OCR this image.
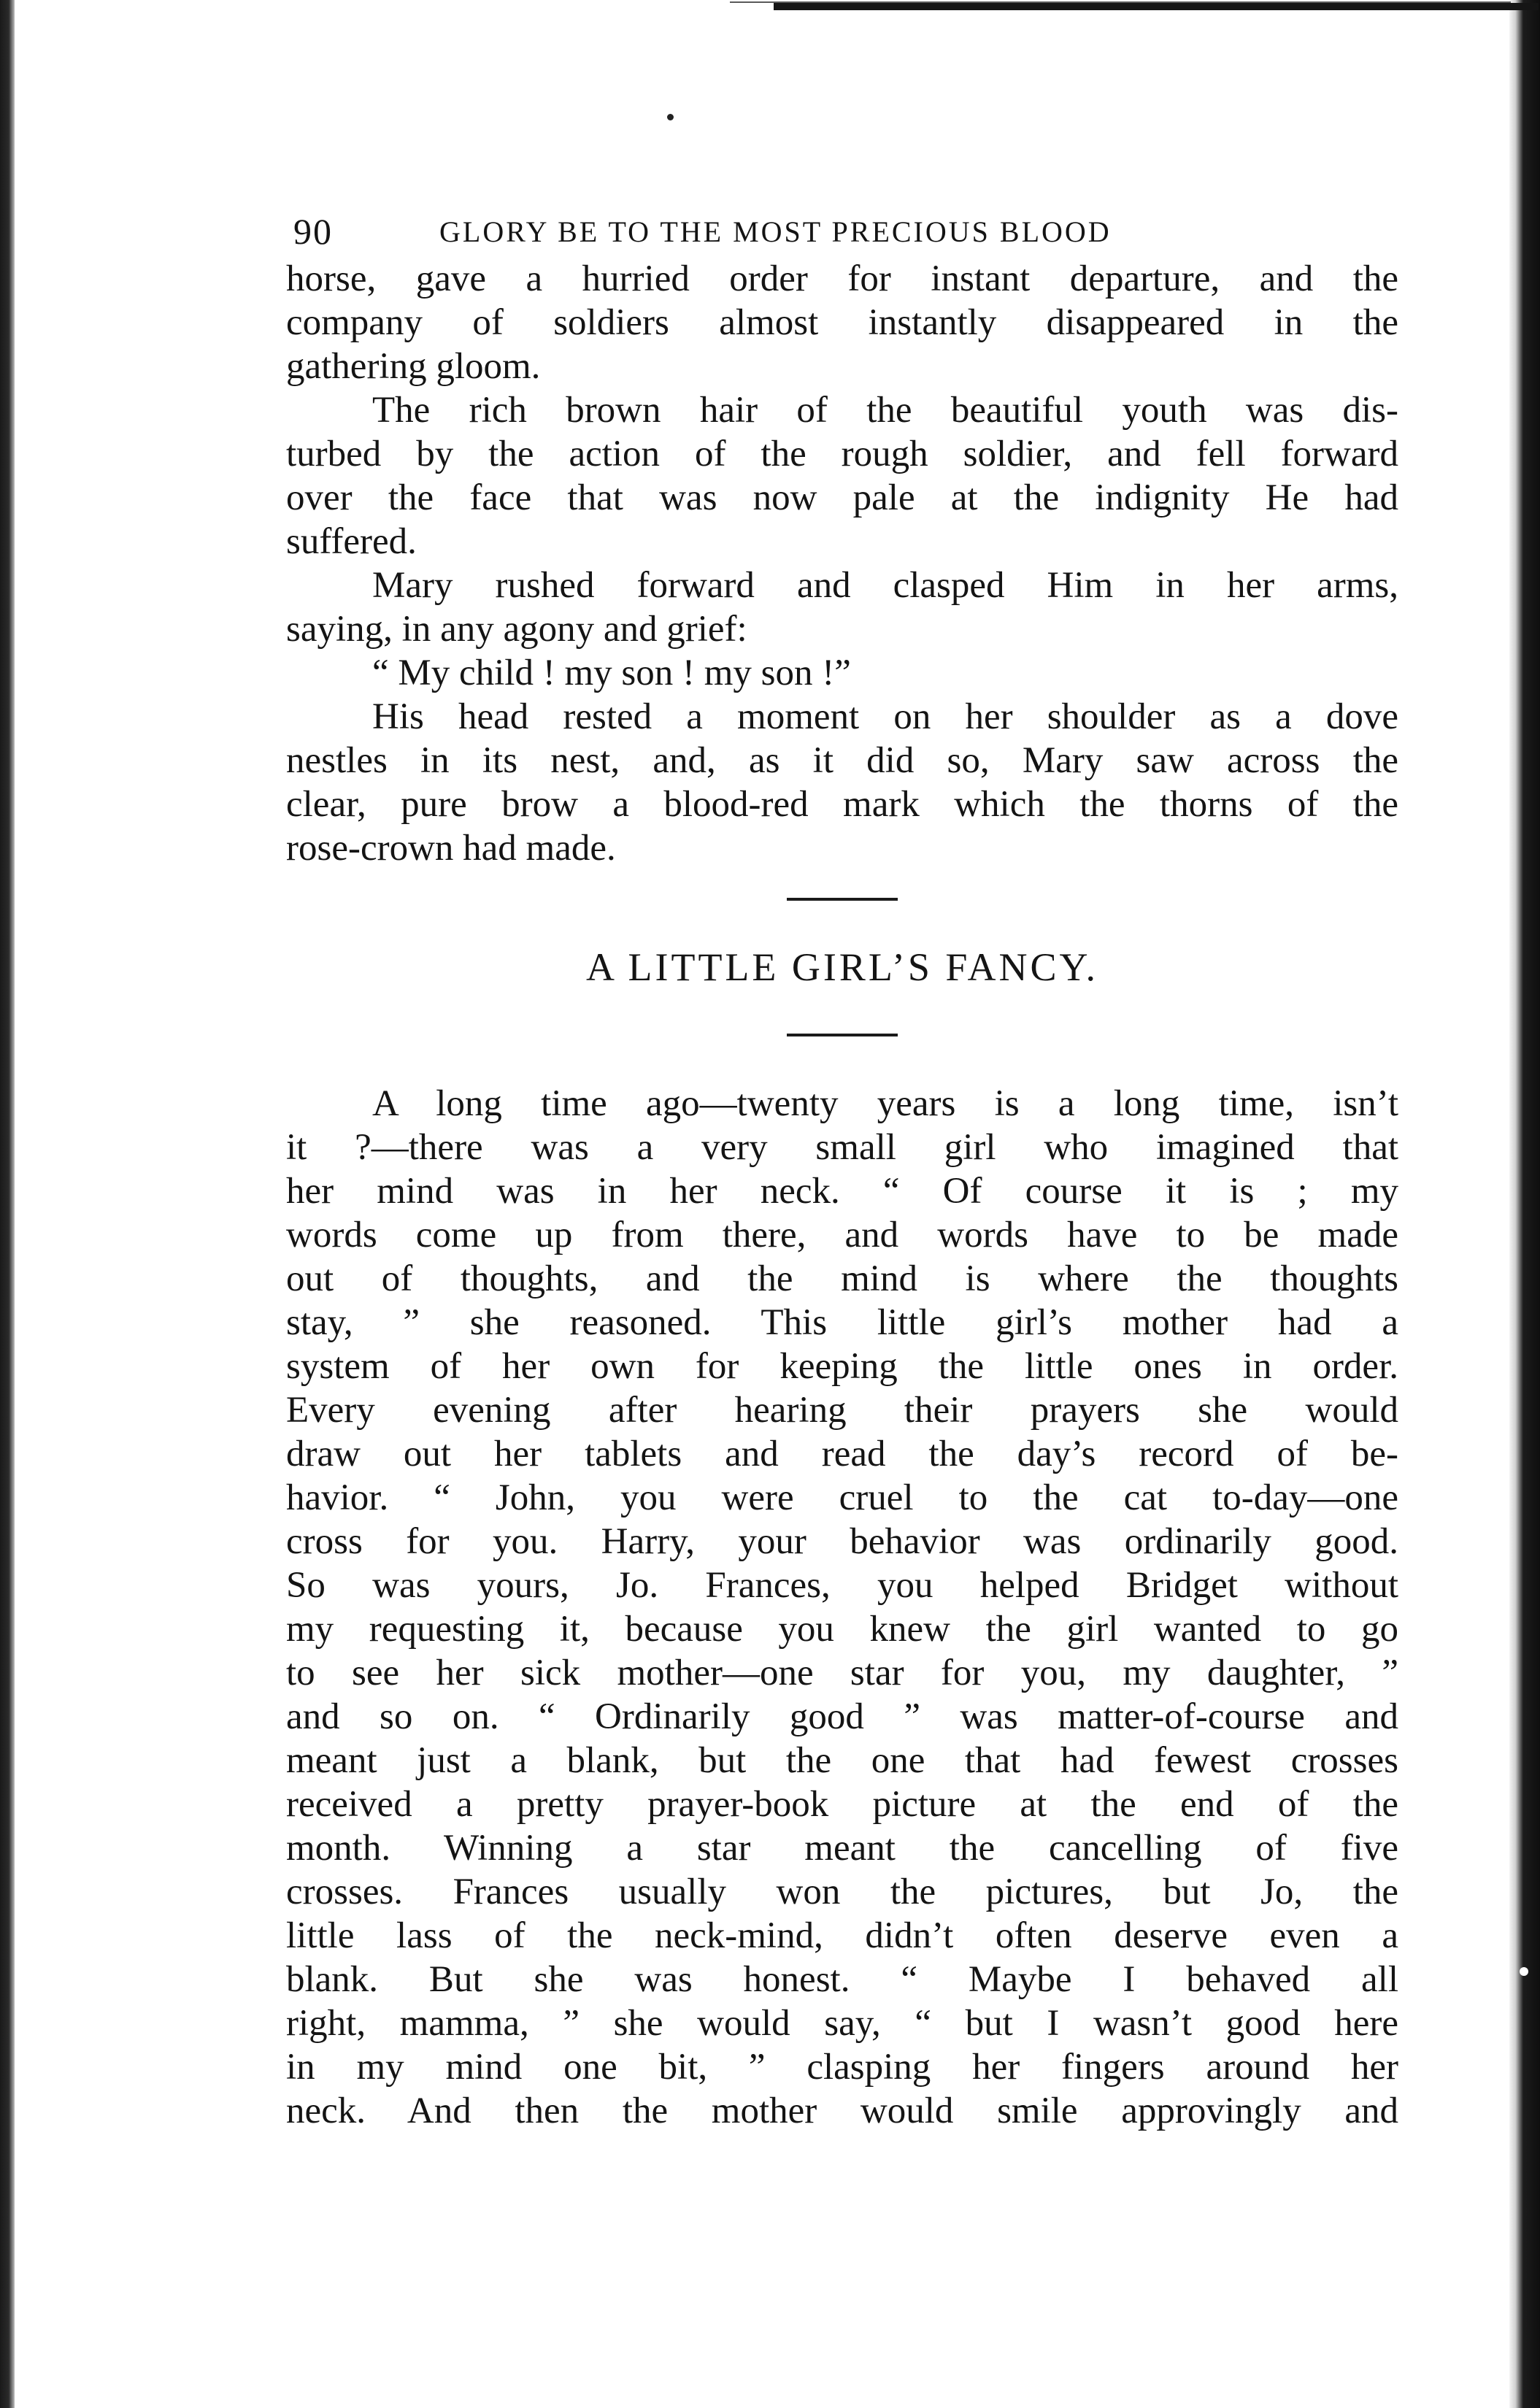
90	GLORY BE TO THE MOST PRECIOUS BLOOD

horse, gave a hurried order for instant departure, and the
company of soldiers almost instantly disappeared in the
gathering gloom.

The rich brown hair of the beautiful youth was dis-
turbed by the action of the rough soldier, and fell forward
over the face that was now pale at the indignity He had
suffered.

Mary rushed forward and clasped Him in her arms,
saying, in any agony and grief:

“ My child ! my son ! my son !”

His head rested a moment on her shoulder as a dove
nestles in its nest, and, as it did so, Mary saw across the
clear, pure brow a blood-red mark which the thorns of the
rose-crown had made.

A LITTLE GIRL’S FANCY.

A long time ago—twenty years is a long time, isn’t
it ?—there was a very small girl who imagined that
her mind was in her neck. “ Of course it is ; my
words come up from there, and words have to be made
out of thoughts, and the mind is where the thoughts
stay, ” she reasoned. This little girl’s mother had a
system of her own for keeping the little ones in order.
Every evening after hearing their prayers she would
draw out her tablets and read the day’s record of be-
havior. “ John, you were cruel to the cat to-day—one
cross for you. Harry, your behavior was ordinarily good.
So was yours, Jo. Frances, you helped Bridget without
my requesting it, because you knew the girl wanted to go
to see her sick mother—one star for you, my daughter, ”
and so on. “ Ordinarily good ” was matter-of-course and
meant just a blank, but the one that had fewest crosses
received a pretty prayer-book picture at the end of the
month. Winning a star meant the cancelling of five
crosses. Frances usually won the pictures, but Jo, the
little lass of the neck-mind, didn’t often deserve even a
blank. But she was honest. “ Maybe I behaved all
right, mamma, ” she would say, “ but I wasn’t good here
in my mind one bit, ” clasping her fingers around her
neck. And then the mother would smile approvingly and
